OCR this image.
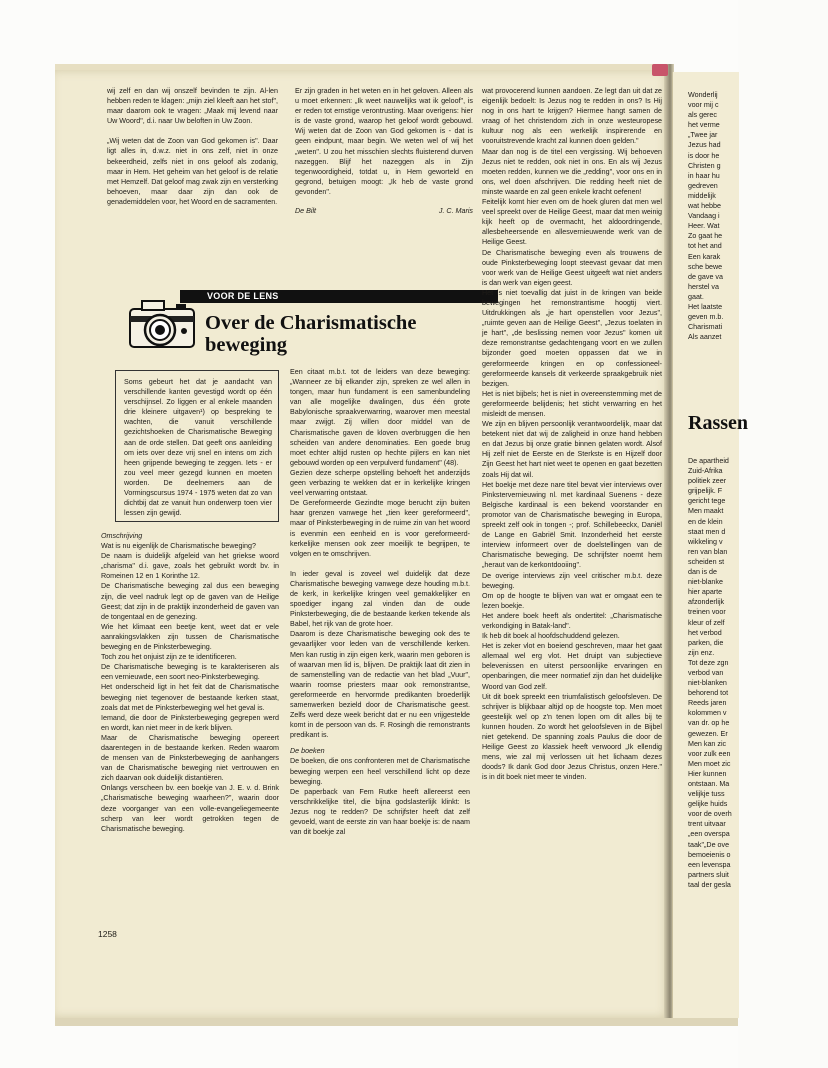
wij zelf en dan wij onszelf bevinden te zijn. Al-len hebben reden te klagen: „mijn ziel kleeft aan het stof", maar daarom ook te vragen: „Maak mij levend naar Uw Woord", d.i. naar Uw beloften in Uw Zoon.

„Wij weten dat de Zoon van God gekomen is". Daar ligt alles in, d.w.z. niet in ons zelf, niet in onze bekeerdheid, zelfs niet in ons geloof als zodanig, maar in Hem. Het geheim van het geloof is de relatie met Hemzelf. Dat geloof mag zwak zijn en versterking behoeven, maar daar zijn dan ook de genademiddelen voor, het Woord en de sacramenten.

Er zijn graden in het weten en in het geloven. Alleen als u moet erkennen: „Ik weet nauwelijks wat ik geloof", is er reden tot ernstige verontrusting. Maar overigens: hier is de vaste grond, waarop het geloof wordt gebouwd. Wij weten dat de Zoon van God gekomen is - dat is geen eindpunt, maar begin. We weten wel of wij het „weten". U zou het misschien slechts fluisterend durven nazeggen. Blijf het nazeggen als in Zijn tegenwoordigheid, totdat u, in Hem geworteld en gegrond, betuigen moogt: „Ik heb de vaste grond gevonden".

De Bilt	J. C. Maris
VOOR DE LENS
Over de Charismatische
beweging
Soms gebeurt het dat je aandacht van verschillende kanten gevestigd wordt op één verschijnsel. Zo liggen er al enkele maanden drie kleinere uitgaven¹) op bespreking te wachten, die vanuit verschillende gezichtshoeken de Charismatische Beweging aan de orde stellen. Dat geeft ons aanleiding om iets over deze vrij snel en intens om zich heen grijpende beweging te zeggen. Iets - er zou veel meer gezegd kunnen en moeten worden. De deelnemers aan de Vormingscursus 1974 - 1975 weten dat zo van dichtbij dat ze vanuit hun onderwerp toen vier lessen zijn gewijd.

Omschrijving

Wat is nu eigenlijk de Charismatische beweging?

De naam is duidelijk afgeleid van het griekse woord „charisma" d.i. gave, zoals het gebruikt wordt bv. in Romeinen 12 en 1 Korinthe 12.

De Charismatische beweging zal dus een beweging zijn, die veel nadruk legt op de gaven van de Heilige Geest; dat zijn in de praktijk inzonderheid de gaven van de tongentaal en de genezing.

Wie het klimaat een beetje kent, weet dat er vele aanrakingsvlakken zijn tussen de Charismatische beweging en de Pinksterbeweging.

Toch zou het onjuist zijn ze te identificeren.

De Charismatische beweging is te karakteriseren als een vernieuwde, een soort neo-Pinksterbeweging.

Het onderscheid ligt in het feit dat de Charismatische beweging niet tegenover de bestaande kerken staat, zoals dat met de Pinksterbeweging wel het geval is.

Iemand, die door de Pinksterbeweging gegrepen werd en wordt, kan niet meer in de kerk blijven.

Maar de Charismatische beweging opereert daarentegen in de bestaande kerken. Reden waarom de mensen van de Pinksterbeweging de aanhangers van de Charismatische beweging niet vertrouwen en zich daarvan ook duidelijk distantiëren.

Onlangs verscheen bv. een boekje van J. E. v. d. Brink „Charismatische beweging waarheen?", waarin door deze voorganger van een volle-evangeliegemeente scherp van leer wordt getrokken tegen de Charismatische beweging.

Een citaat m.b.t. tot de leiders van deze beweging: „Wanneer ze bij elkander zijn, spreken ze wel allen in tongen, maar hun fundament is een samenbundeling van alle mogelijke dwalingen, dus één grote Babylonische spraakverwarring, waarover men meestal maar zwijgt. Zij willen door middel van de Charismatische gaven de kloven overbruggen die hen scheiden van andere denominaties. Een goede brug moet echter altijd rusten op hechte pijlers en kan niet gebouwd worden op een verpulverd fundament" (48).

Gezien deze scherpe opstelling behoeft het anderzijds geen verbazing te wekken dat er in kerkelijke kringen veel verwarring ontstaat.

De Gereformeerde Gezindte moge berucht zijn buiten haar grenzen vanwege het „tien keer gereformeerd", maar of Pinksterbeweging in de ruime zin van het woord is evenmin een eenheid en is voor gereformeerd-kerkelijke mensen ook zeer moeilijk te begrijpen, te volgen en te omschrijven.

In ieder geval is zoveel wel duidelijk dat deze Charismatische beweging vanwege deze houding m.b.t. de kerk, in kerkelijke kringen veel gemakkelijker en spoediger ingang zal vinden dan de oude Pinksterbeweging, die de bestaande kerken tekende als Babel, het rijk van de grote hoer.

Daarom is deze Charismatische beweging ook des te gevaarlijker voor leden van de verschillende kerken. Men kan rustig in zijn eigen kerk, waarin men geboren is of waarvan men lid is, blijven. De praktijk laat dit zien in de samenstelling van de redactie van het blad „Vuur", waarin roomse priesters maar ook remonstrantse, gereformeerde en hervormde predikanten broederlijk samenwerken bezield door de Charismatische geest. Zelfs werd deze week bericht dat er nu een vrijgestelde komt in de persoon van ds. F. Rosingh die remonstrants predikant is.

De boeken

De boeken, die ons confronteren met de Charismatische beweging werpen een heel verschillend licht op deze beweging.

De paperback van Fem Rutke heeft allereerst een verschrikkelijke titel, die bijna godslasterlijk klinkt: Is Jezus nog te redden? De schrijfster heeft dat zelf gevoeld, want de eerste zin van haar boekje is: de naam van dit boekje zal

wat provocerend kunnen aandoen. Ze legt dan uit dat ze eigenlijk bedoelt: Is Jezus nog te redden in ons? Is Hij nog in ons hart te krijgen? Hiermee hangt samen de vraag of het christendom zich in onze westeuropese kultuur nog als een werkelijk inspirerende en vooruitstrevende kracht zal kunnen doen gelden."

Maar dan nog is de titel een vergissing. Wij behoeven Jezus niet te redden, ook niet in ons. En als wij Jezus moeten redden, kunnen we die „redding", voor ons en in ons, wel doen afschrijven. Die redding heeft niet de minste waarde en zal geen enkele kracht oefenen!

Feitelijk komt hier even om de hoek gluren dat men wel veel spreekt over de Heilige Geest, maar dat men weinig kijk heeft op de overmacht, het aldoordringende, allesbeheersende en allesvernieuwende werk van de Heilige Geest.

De Charismatische beweging even als trouwens de oude Pinksterbeweging loopt steevast gevaar dat men voor werk van de Heilige Geest uitgeeft wat niet anders is dan werk van eigen geest.

Het is niet toevallig dat juist in de kringen van beide bewegingen het remonstrantisme hoogtij viert. Uitdrukkingen als „je hart openstellen voor Jezus", „ruimte geven aan de Heilige Geest", „Jezus toelaten in je hart", „de beslissing nemen voor Jezus" komen uit deze remonstrantse gedachtengang voort en we zullen bijzonder goed moeten oppassen dat we in gereformeerde kringen en op confessioneel-gereformeerde kansels dit verkeerde spraakgebruik niet bezigen.

Het is niet bijbels; het is niet in overeenstemming met de gereformeerde belijdenis; het sticht verwarring en het misleidt de mensen.

We zijn en blijven persoonlijk verantwoordelijk, maar dat betekent niet dat wij de zaligheid in onze hand hebben en dat Jezus bij onze gratie binnen gelaten wordt. Alsof Hij zelf niet de Eerste en de Sterkste is en Hijzelf door Zijn Geest het hart niet weet te openen en gaat bezetten zoals Hij dat wil.

Het boekje met deze nare titel bevat vier interviews over Pinkstervernieuwing nl. met kardinaal Suenens - deze Belgische kardinaal is een bekend voorstander en promotor van de Charismatische beweging in Europa, spreekt zelf ook in tongen -; prof. Schillebeeckx, Daniël de Lange en Gabriël Smit. Inzonderheid het eerste interview informeert over de doelstellingen van de Charismatische beweging. De schrijfster noemt hem „heraut van de kerkontdooiing".

De overige interviews zijn veel critischer m.b.t. deze beweging.

Om op de hoogte te blijven van wat er omgaat een te lezen boekje.

Het andere boek heeft als ondertitel: „Charismatische verkondiging in Batak-land".

Ik heb dit boek al hoofdschuddend gelezen.

Het is zeker vlot en boeiend geschreven, maar het gaat allemaal wel erg vlot. Het druipt van subjectieve belevenissen en uiterst persoonlijke ervaringen en openbaringen, die meer normatief zijn dan het duidelijke Woord van God zelf.

Uit dit boek spreekt een triumfalistisch geloofsleven. De schrijver is blijkbaar altijd op de hoogste top. Men moet geestelijk wel op z'n tenen lopen om dit alles bij te kunnen houden. Zo wordt het geloofsleven in de Bijbel niet getekend. De spanning zoals Paulus die door de Heilige Geest zo klassiek heeft verwoord „Ik ellendig mens, wie zal mij verlossen uit het lichaam dezes doods? Ik dank God door Jezus Christus, onzen Here." is in dit boek niet meer te vinden.

1258
Wonderlij
voor mij c
als gerec
het verme
„Twee jar
Jezus had
is door he
Christen g
in haar hu
gedreven
middelijk
wat hebbe
Vandaag i
Heer. Wat
Zo gaat he
tot het and
Een karak
sche bewe
de gave va
herstel va
gaat.
Het laatste
geven m.b.
Charismati
Als aanzet
Rassen
De apartheid
Zuid-Afrika
politiek zeer
grijpelijk. F
gericht tege
Men maakt
en de klein
staat men d
wikkeling v
ren van blan
scheiden st
dan is de
niet-blanke
hier aparte
afzonderlijk
treinen voor
kleur of zelf
het verbod
parken, die
zijn enz.
Tot deze zgn
verbod van
niet-blanken
behorend tot
Reeds jaren
kolommen v
van dr. op he
gewezen. Er
Men kan zic
voor zulk een
Men moet zic
Hier kunnen
ontstaan. Ma
velijkje tuss
gelijke huids
voor de overh
trent uitvaar
„een overspa
taak"„De ove
bemoeienis o
een levenspa
partners sluit
taal der gesla
